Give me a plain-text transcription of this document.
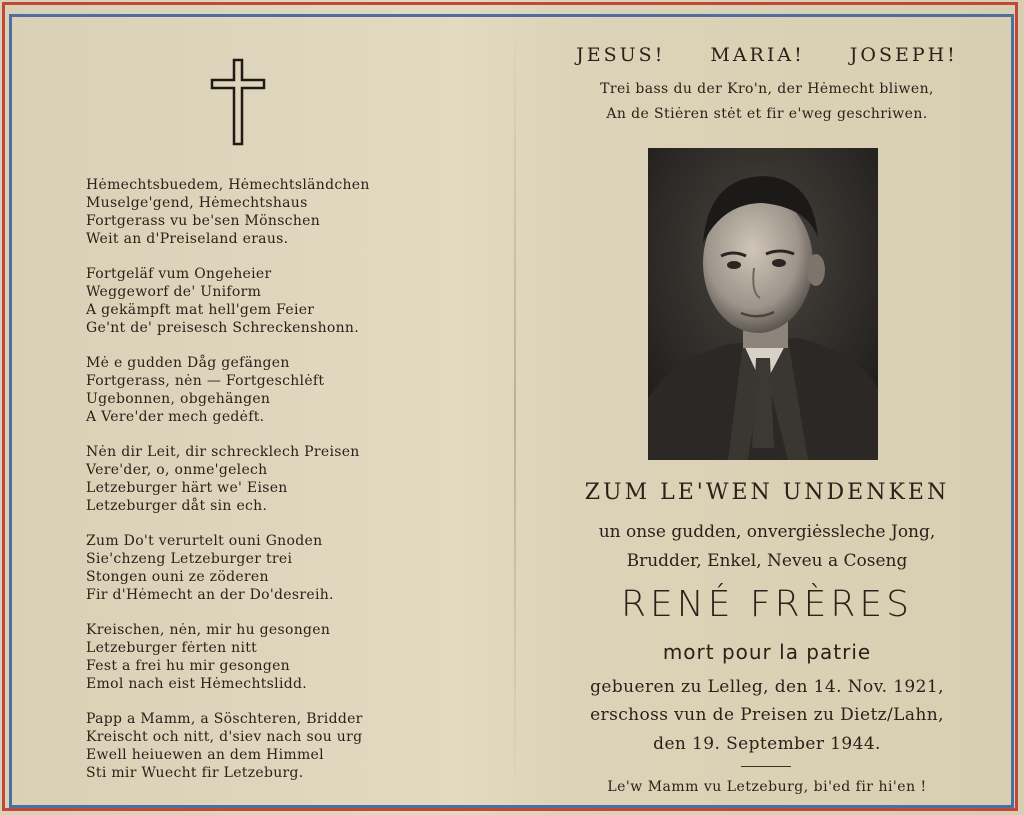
Hėmechtsbuedem, Hėmechtsländchen
Muselge'gend, Hėmechtshaus
Fortgerass vu be'sen Mönschen
Weit an d'Preiseland eraus.
Fortgeläf vum Ongeheier
Weggeworf de' Uniform
A gekämpft mat hell'gem Feier
Ge'nt de' preisesch Schreckenshonn.
Mė e gudden Dåg gefängen
Fortgerass, nėn — Fortgeschlėft
Ugebonnen, obgehängen
A Vere'der mech gedėft.
Nėn dir Leit, dir schrecklech Preisen
Vere'der, o, onme'gelech
Letzeburger härt we' Eisen
Letzeburger dåt sin ech.
Zum Do't verurtelt ouni Gnoden
Sie'chzeng Letzeburger trei
Stongen ouni ze zöderen
Fir d'Hėmecht an der Do'desreih.
Kreischen, nėn, mir hu gesongen
Letzeburger fėrten nitt
Fest a frei hu mir gesongen
Emol nach eist Hėmechtslidd.
Papp a Mamm, a Söschteren, Bridder
Kreischt och nitt, d'siev nach sou urg
Ewell heiuewen an dem Himmel
Sti mir Wuecht fir Letzeburg.
JESUS! MARIA! JOSEPH!
Trei bass du der Kro'n, der Hėmecht bliwen,
An de Stiėren stėt et fir e'weg geschriwen.
ZUM LE'WEN UNDENKEN
un onse gudden, onvergiėssleche Jong,
Brudder, Enkel, Neveu a Coseng
RENÉ FRÈRES
mort pour la patrie
gebueren zu Lelleg, den 14. Nov. 1921,
erschoss vun de Preisen zu Dietz/Lahn,
den 19. September 1944.
Le'w Mamm vu Letzeburg, bi'ed fir hi'en !
